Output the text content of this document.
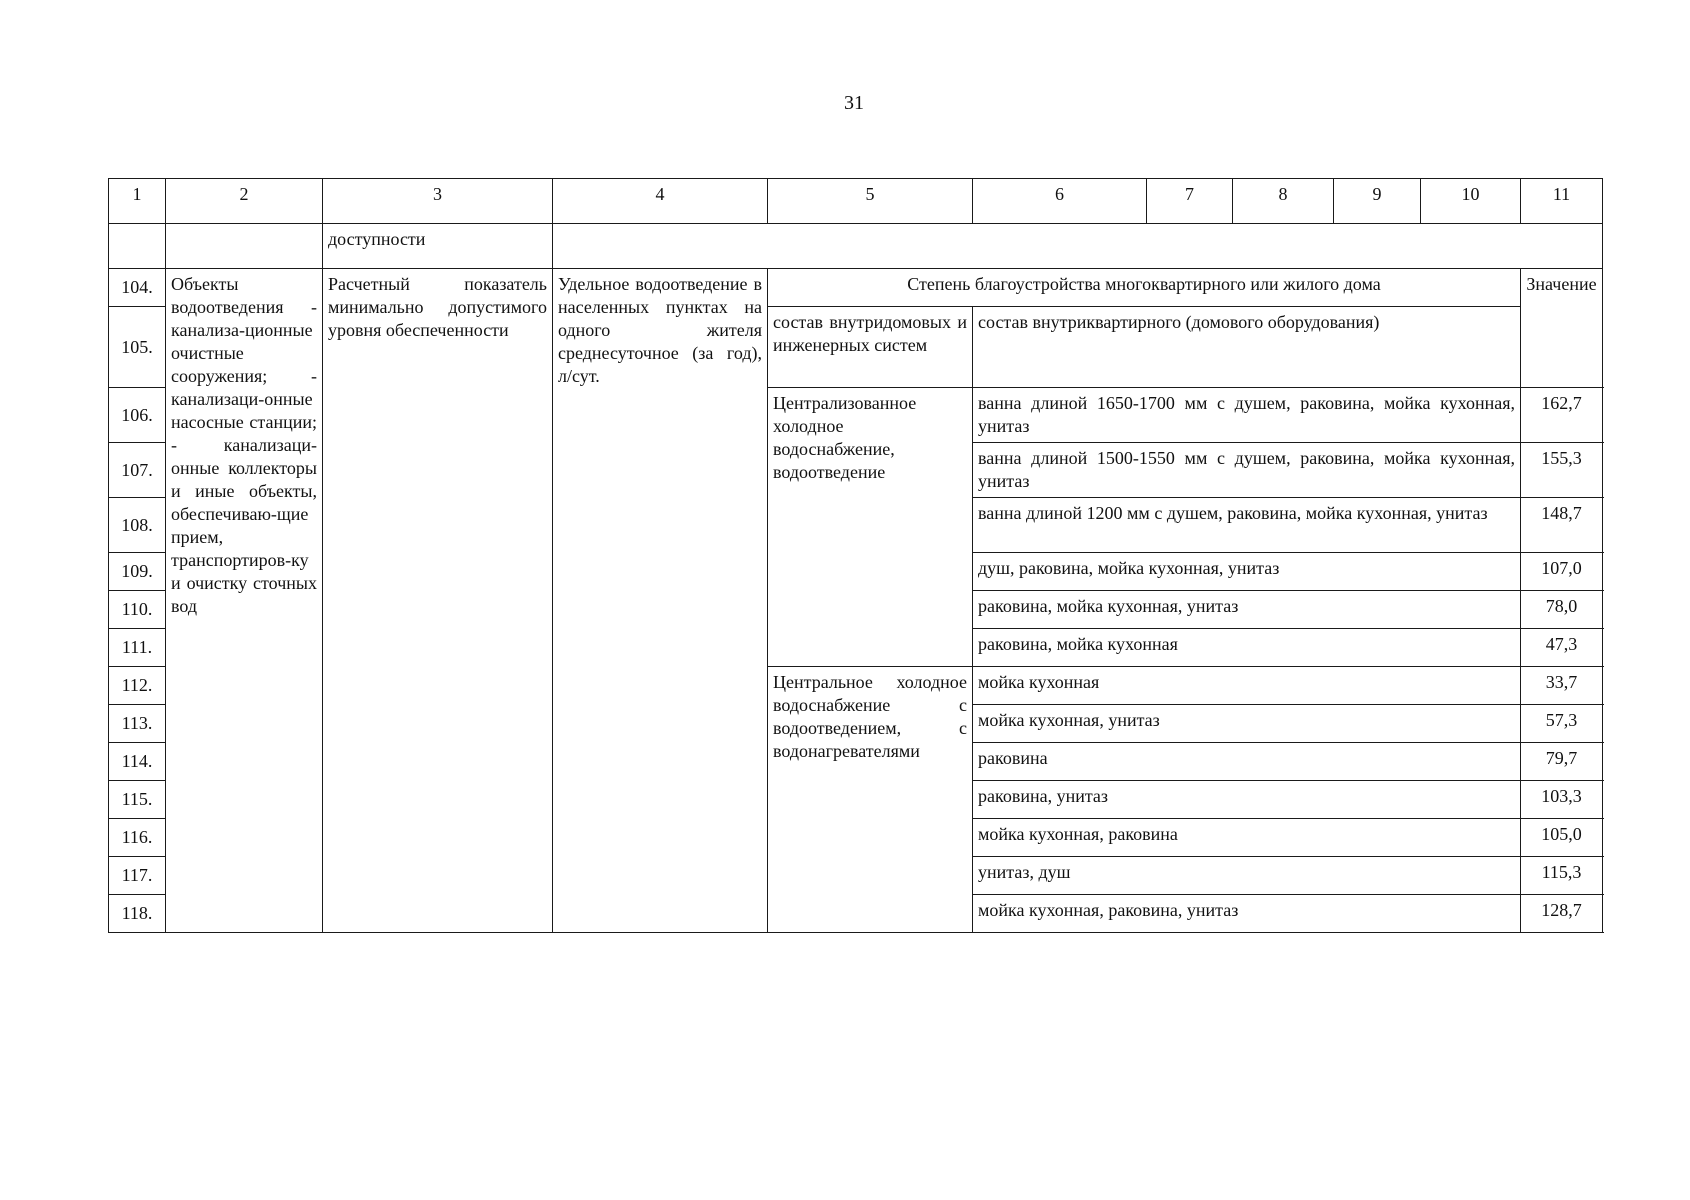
31
1	2	3	4	5	6	7	8	9	10	11
		доступности								
104.	Объекты водоотведения - канализа-ционные очистные сооружения; - канализаци-онные насосные станции; - канализаци-онные коллекторы и иные объекты, обеспечиваю-щие прием, транспортиров-ку и очистку сточных вод	Расчетный показатель минимально допустимого уровня обеспеченности	Удельное водоотведение в населенных пунктах на одного жителя среднесуточное (за год), л/сут.	Степень благоустройства многоквартирного или жилого дома						Значение
105.				состав внутридомовых и инженерных систем	состав внутриквартирного (домового оборудования)					
106.				Централизованное холодное водоснабжение, водоотведение	ванна длиной 1650-1700 мм с душем, раковина, мойка кухонная, унитаз					162,7
107.					ванна длиной 1500-1550 мм с душем, раковина, мойка кухонная, унитаз					155,3
108.					ванна длиной 1200 мм с душем, раковина, мойка кухонная, унитаз					148,7
109.					душ, раковина, мойка кухонная, унитаз					107,0
110.					раковина, мойка кухонная, унитаз					78,0
111.					раковина, мойка кухонная					47,3
112.				Центральное холодное водоснабжение с водоотведением, с водонагревателями	мойка кухонная					33,7
113.					мойка кухонная, унитаз					57,3
114.					раковина					79,7
115.					раковина, унитаз					103,3
116.					мойка кухонная, раковина					105,0
117.					унитаз, душ					115,3
118.					мойка кухонная, раковина, унитаз					128,7
